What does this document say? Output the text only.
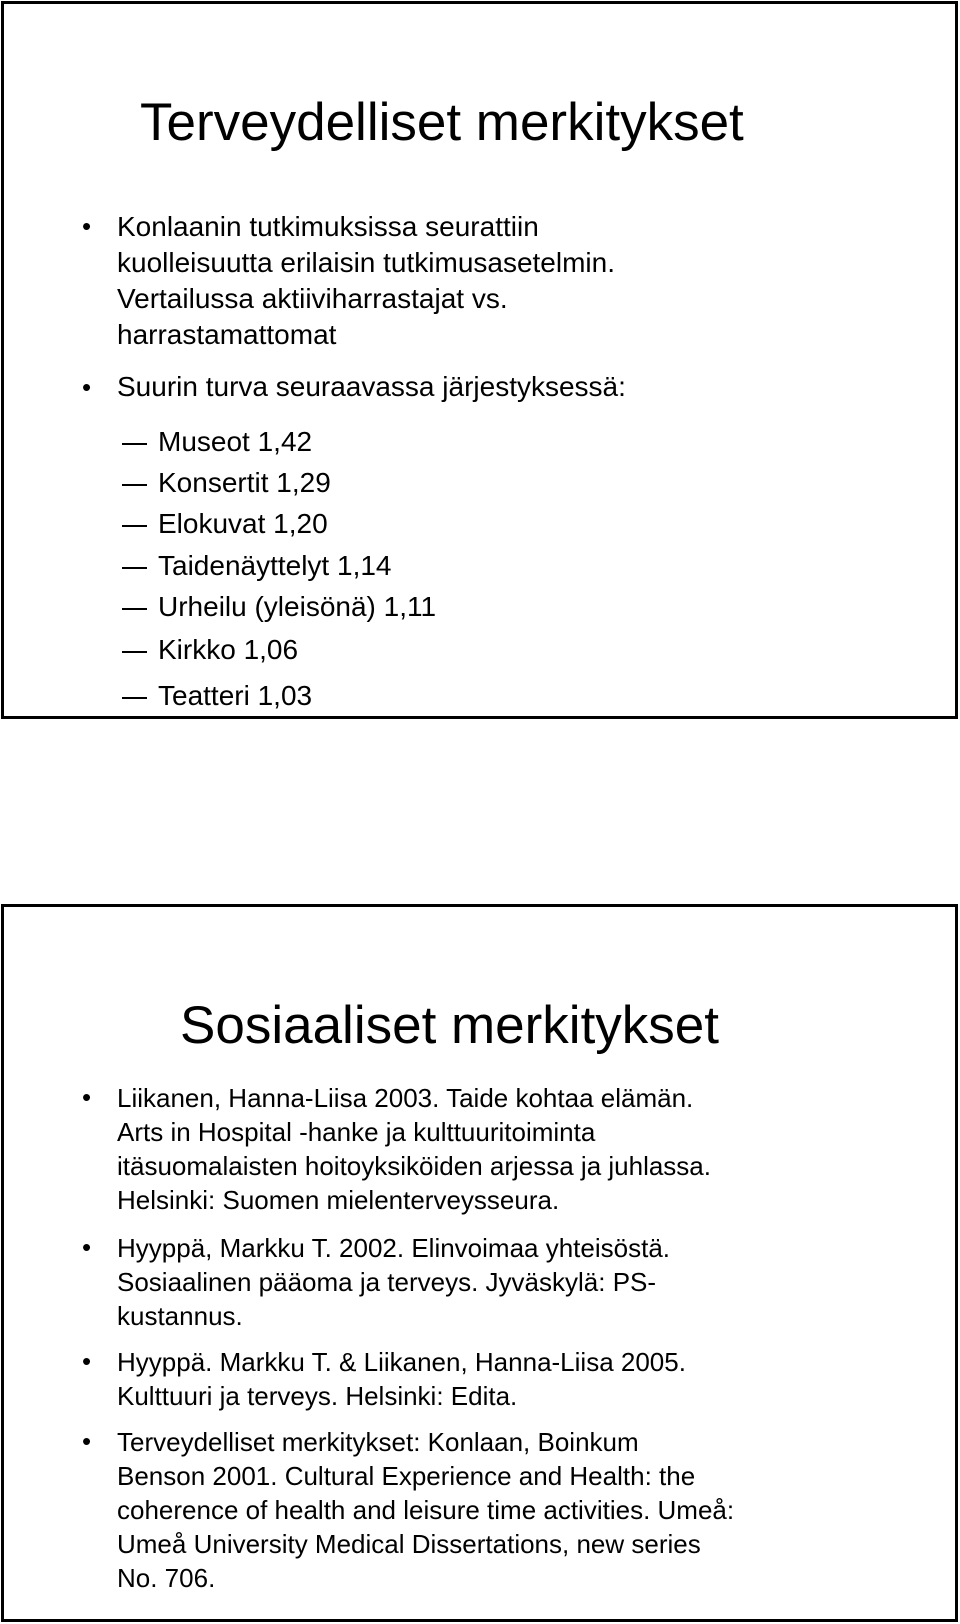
Terveydelliset merkitykset
• Konlaanin tutkimuksissa seurattiin
kuolleisuutta erilaisin tutkimusasetelmin.
Vertailussa aktiiviharrastajat vs.
harrastamattomat
• Suurin turva seuraavassa järjestyksessä:
Museot 1,42
Konsertit 1,29
Elokuvat 1,20
Taidenäyttelyt 1,14
Urheilu (yleisönä) 1,11
Kirkko 1,06
Teatteri 1,03
Sosiaaliset merkitykset
• Liikanen, Hanna-Liisa 2003. Taide kohtaa elämän.
Arts in Hospital -hanke ja kulttuuritoiminta
itäsuomalaisten hoitoyksiköiden arjessa ja juhlassa.
Helsinki: Suomen mielenterveysseura.
• Hyyppä, Markku T. 2002. Elinvoimaa yhteisöstä.
Sosiaalinen pääoma ja terveys. Jyväskylä: PS-
kustannus.
• Hyyppä. Markku T. & Liikanen, Hanna-Liisa 2005.
Kulttuuri ja terveys. Helsinki: Edita.
• Terveydelliset merkitykset: Konlaan, Boinkum
Benson 2001. Cultural Experience and Health: the
coherence of health and leisure time activities. Umeå:
Umeå University Medical Dissertations, new series
No. 706.
